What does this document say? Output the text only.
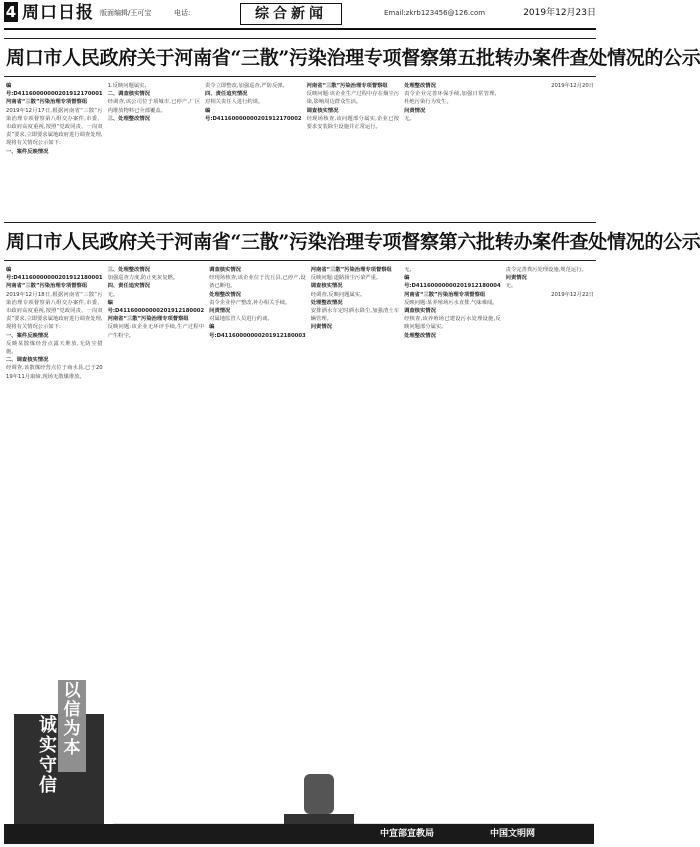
4 周口日报 版面编辑/王可宝	电话:	综合新闻	Email:zkrb123456@126.com	2019年12月23日
周口市人民政府关于河南省“三散”污染治理专项督察第五批转办案件查处情况的公示

编号:D41160000000201912170001

河南省“三散”污染治理专项督察组

2019年12月17日,根据河南省“三散”污染治理专项督察第八组交办案件,市委、市政府高度重视,按照“党政同责、一岗双责”要求,立即要求属地政府进行调查处理,现将有关情况公示如下:

一、案件反映情况

1.反映问题属实。

二、调查核实情况

经调查,该公司位于项城市,已停产,厂区内堆放物料已全部覆盖。

三、处理整改情况

责令立即整改,加强巡查,严防反弹。

四、责任追究情况

对相关责任人进行约谈。

编号:D41160000000201912170002

河南省“三散”污染治理专项督察组

反映问题:该企业生产过程中存在烟尘污染,影响周边群众生活。

调查核实情况

经现场核查,该问题部分属实,企业已按要求安装除尘设施并正常运行。

处理整改情况

责令企业完善环保手续,加强日常管理,杜绝污染行为发生。

问责情况

无。

2019年12月20日

周口市人民政府关于河南省“三散”污染治理专项督察第六批转办案件查处情况的公示

编号:D41160000000201912180001

河南省“三散”污染治理专项督察组

2019年12月18日,根据河南省“三散”污染治理专项督察第八组交办案件,市委、市政府高度重视,按照“党政同责、一岗双责”要求,立即要求属地政府进行调查处理,现将有关情况公示如下:

一、案件反映情况

反映某散煤经营点露天堆放,无防尘措施。

二、调查核实情况

经调查,该散煤经营点位于商水县,已于2019年11月取缔,现场无散煤堆放。

三、处理整改情况

加强巡查力度,防止死灰复燃。

四、责任追究情况

无。

编号:D41160000000201912180002

河南省“三散”污染治理专项督察组

反映问题:该企业无环评手续,生产过程中产生粉尘。

调查核实情况

经现场核查,该企业位于沈丘县,已停产,设备已断电。

处理整改情况

责令企业停产整改,补办相关手续。

问责情况

对属地监管人员进行约谈。

编号:D41160000000201912180003

河南省“三散”污染治理专项督察组

反映问题:道路扬尘污染严重。

调查核实情况

经调查,反映问题属实。

处理整改情况

安排洒水车定时洒水降尘,加强渣土车辆管理。

问责情况

无。

编号:D41160000000201912180004

河南省“三散”污染治理专项督察组

反映问题:某养殖场污水直排,气味难闻。

调查核实情况

经核查,该养殖场已建设污水处理设施,反映问题部分属实。

处理整改情况

责令完善粪污处理设施,规范运行。

问责情况

无。

2019年12月22日

诚
实
守
信
以
信
为
本
中宣部宣教局	中国文明网
